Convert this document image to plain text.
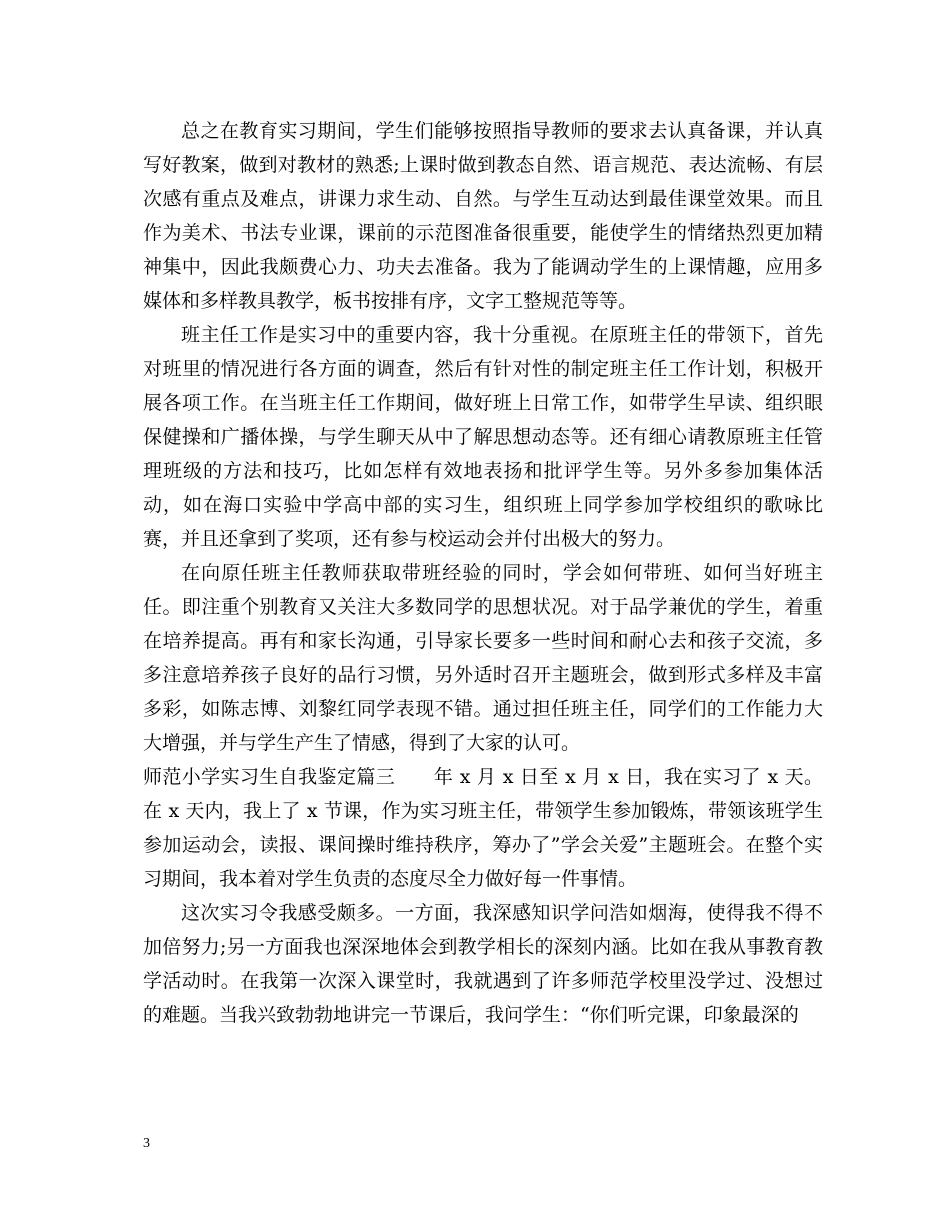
总之在教育实习期间，学生们能够按照指导教师的要求去认真备课，并认真写好教案，做到对教材的熟悉;上课时做到教态自然、语言规范、表达流畅、有层次感有重点及难点，讲课力求生动、自然。与学生互动达到最佳课堂效果。而且作为美术、书法专业课，课前的示范图准备很重要，能使学生的情绪热烈更加精神集中，因此我颇费心力、功夫去准备。我为了能调动学生的上课情趣，应用多媒体和多样教具教学，板书按排有序，文字工整规范等等。

班主任工作是实习中的重要内容，我十分重视。在原班主任的带领下，首先对班里的情况进行各方面的调查，然后有针对性的制定班主任工作计划，积极开展各项工作。在当班主任工作期间，做好班上日常工作，如带学生早读、组织眼保健操和广播体操，与学生聊天从中了解思想动态等。还有细心请教原班主任管理班级的方法和技巧，比如怎样有效地表扬和批评学生等。另外多参加集体活动，如在海口实验中学高中部的实习生，组织班上同学参加学校组织的歌咏比赛，并且还拿到了奖项，还有参与校运动会并付出极大的努力。

在向原任班主任教师获取带班经验的同时，学会如何带班、如何当好班主任。即注重个别教育又关注大多数同学的思想状况。对于品学兼优的学生，着重在培养提高。再有和家长沟通，引导家长要多一些时间和耐心去和孩子交流，多多注意培养孩子良好的品行习惯，另外适时召开主题班会，做到形式多样及丰富多彩，如陈志博、刘黎红同学表现不错。通过担任班主任，同学们的工作能力大大增强，并与学生产生了情感，得到了大家的认可。

师范小学实习生自我鉴定篇三　　年 x 月 x 日至 x 月 x 日，我在实习了 x 天。在 x 天内，我上了 x 节课，作为实习班主任，带领学生参加锻炼，带领该班学生参加运动会，读报、课间操时维持秩序，筹办了”学会关爱”主题班会。在整个实习期间，我本着对学生负责的态度尽全力做好每一件事情。

这次实习令我感受颇多。一方面，我深感知识学问浩如烟海，使得我不得不加倍努力;另一方面我也深深地体会到教学相长的深刻内涵。比如在我从事教育教学活动时。在我第一次深入课堂时，我就遇到了许多师范学校里没学过、没想过的难题。当我兴致勃勃地讲完一节课后，我问学生：“你们听完课，印象最深的

3
